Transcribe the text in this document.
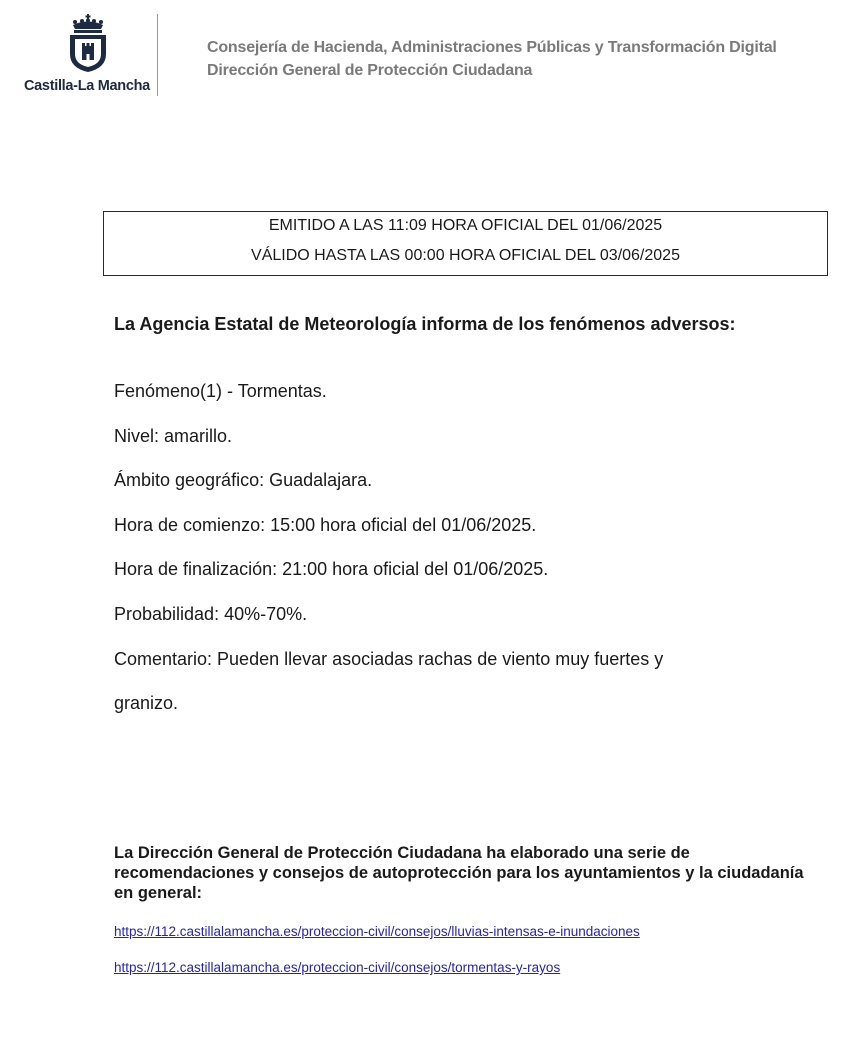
Castilla-La Mancha
Consejería de Hacienda, Administraciones Públicas y Transformación Digital
Dirección General de Protección Ciudadana
EMITIDO A LAS 11:09 HORA OFICIAL DEL 01/06/2025
VÁLIDO HASTA LAS 00:00 HORA OFICIAL DEL 03/06/2025
La Agencia Estatal de Meteorología informa de los fenómenos adversos:
Fenómeno(1) - Tormentas.
Nivel: amarillo.
Ámbito geográfico: Guadalajara.
Hora de comienzo: 15:00 hora oficial del 01/06/2025.
Hora de finalización: 21:00 hora oficial del 01/06/2025.
Probabilidad: 40%-70%.
Comentario: Pueden llevar asociadas rachas de viento muy fuertes y
granizo.
La Dirección General de Protección Ciudadana ha elaborado una serie de recomendaciones y consejos de autoprotección para los ayuntamientos y la ciudadanía en general:
https://112.castillalamancha.es/proteccion-civil/consejos/lluvias-intensas-e-inundaciones
https://112.castillalamancha.es/proteccion-civil/consejos/tormentas-y-rayos
